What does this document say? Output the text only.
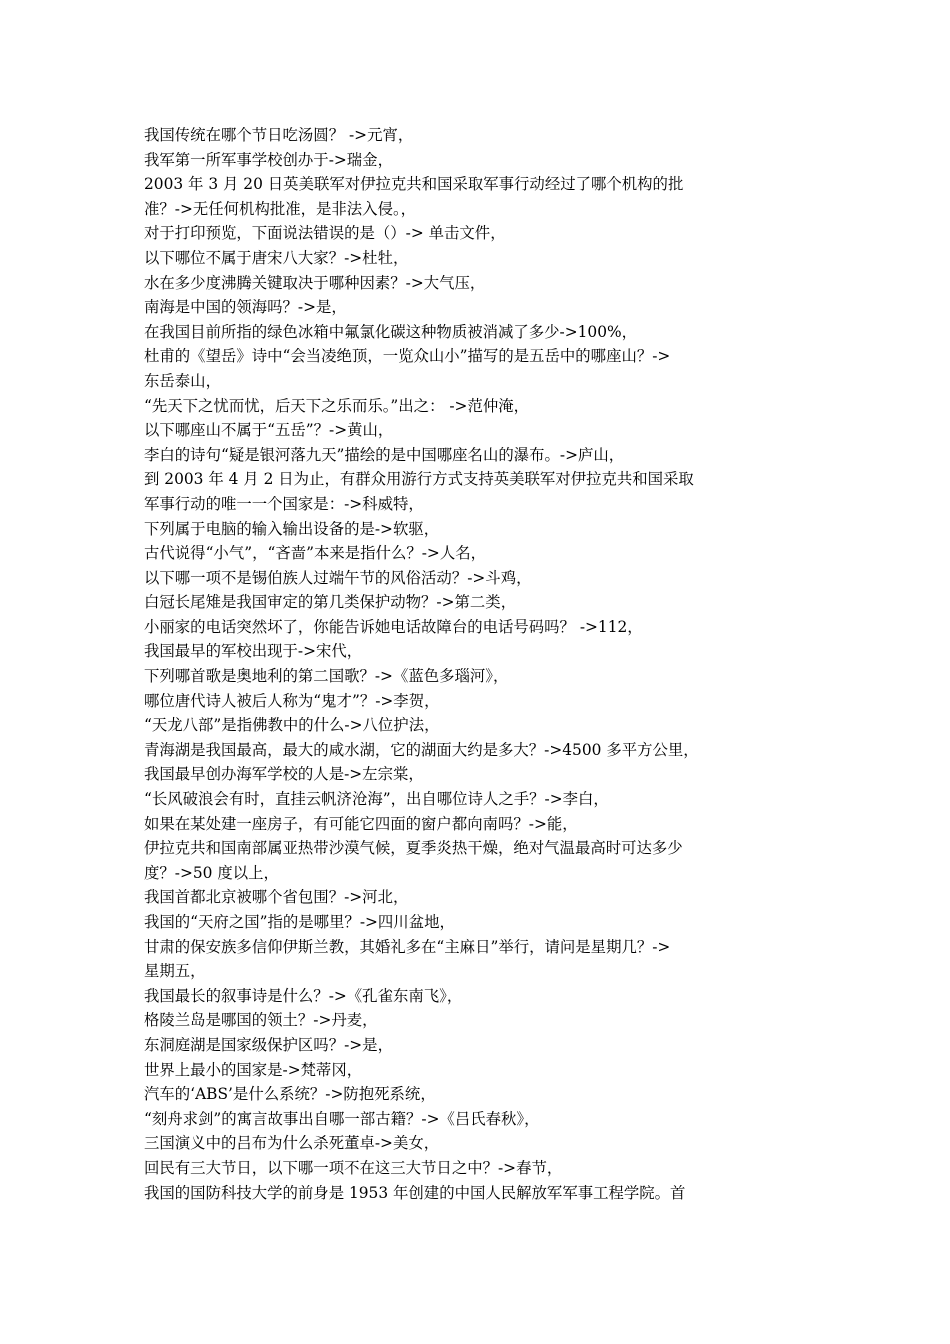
我国传统在哪个节日吃汤圆？ ->元宵，
我军第一所军事学校创办于->瑞金，
2003 年 3 月 20 日英美联军对伊拉克共和国采取军事行动经过了哪个机构的批
准？->无任何机构批准，是非法入侵。，
对于打印预览，下面说法错误的是（）-> 单击文件，
以下哪位不属于唐宋八大家？->杜牡，
水在多少度沸腾关键取决于哪种因素？->大气压，
南海是中国的领海吗？->是，
在我国目前所指的绿色冰箱中氟氯化碳这种物质被消减了多少->100%，
杜甫的《望岳》诗中“会当凌绝顶，一览众山小”描写的是五岳中的哪座山？->
东岳泰山，
“先天下之忧而忧，后天下之乐而乐。”出之： ->范仲淹，
以下哪座山不属于“五岳”？->黄山，
李白的诗句“疑是银河落九天”描绘的是中国哪座名山的瀑布。->庐山，
到 2003 年 4 月 2 日为止，有群众用游行方式支持英美联军对伊拉克共和国采取
军事行动的唯一一个国家是：->科威特，
下列属于电脑的输入输出设备的是->软驱，
古代说得“小气”，“吝啬”本来是指什么？->人名，
以下哪一项不是锡伯族人过端午节的风俗活动？->斗鸡，
白冠长尾雉是我国审定的第几类保护动物？->第二类，
小丽家的电话突然坏了，你能告诉她电话故障台的电话号码吗？ ->112，
我国最早的军校出现于->宋代，
下列哪首歌是奥地利的第二国歌？->《蓝色多瑙河》，
哪位唐代诗人被后人称为“鬼才”？->李贺，
“天龙八部”是指佛教中的什么->八位护法，
青海湖是我国最高，最大的咸水湖，它的湖面大约是多大？->4500 多平方公里，
我国最早创办海军学校的人是->左宗棠，
“长风破浪会有时，直挂云帆济沧海”，出自哪位诗人之手？->李白，
如果在某处建一座房子，有可能它四面的窗户都向南吗？->能，
伊拉克共和国南部属亚热带沙漠气候，夏季炎热干燥，绝对气温最高时可达多少
度？->50 度以上，
我国首都北京被哪个省包围？->河北，
我国的“天府之国”指的是哪里？->四川盆地，
甘肃的保安族多信仰伊斯兰教，其婚礼多在“主麻日”举行，请问是星期几？->
星期五，
我国最长的叙事诗是什么？->《孔雀东南飞》，
格陵兰岛是哪国的领土？->丹麦，
东洞庭湖是国家级保护区吗？->是，
世界上最小的国家是->梵蒂冈，
汽车的‘ABS’是什么系统？->防抱死系统，
“刻舟求剑”的寓言故事出自哪一部古籍？->《吕氏春秋》，
三国演义中的吕布为什么杀死董卓->美女，
回民有三大节日，以下哪一项不在这三大节日之中？->春节，
我国的国防科技大学的前身是 1953 年创建的中国人民解放军军事工程学院。首
